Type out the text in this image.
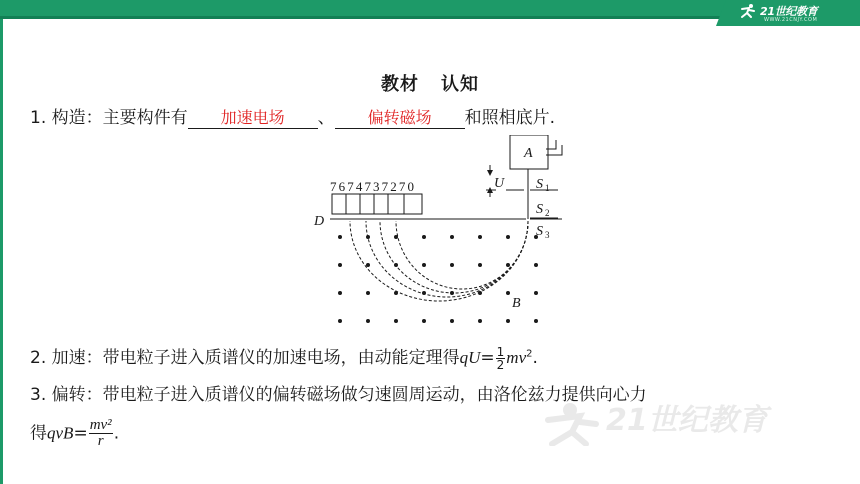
21世纪教育
WWW.21CNJY.COM
21世纪教育
教材 认知
1. 构造：主要构件有 加速电场 、 偏转磁场 和照相底片.
A
U
D
B
S
S
S
1
2
3
7674737270
2. 加速：带电粒子进入质谱仪的加速电场，由动能定理得$qU= \frac{1}{2} mv^2$.
3. 偏转：带电粒子进入质谱仪的偏转磁场做匀速圆周运动，由洛伦兹力提供向心力
得$qvB= \frac{\text{mv²}}{r}$ .
